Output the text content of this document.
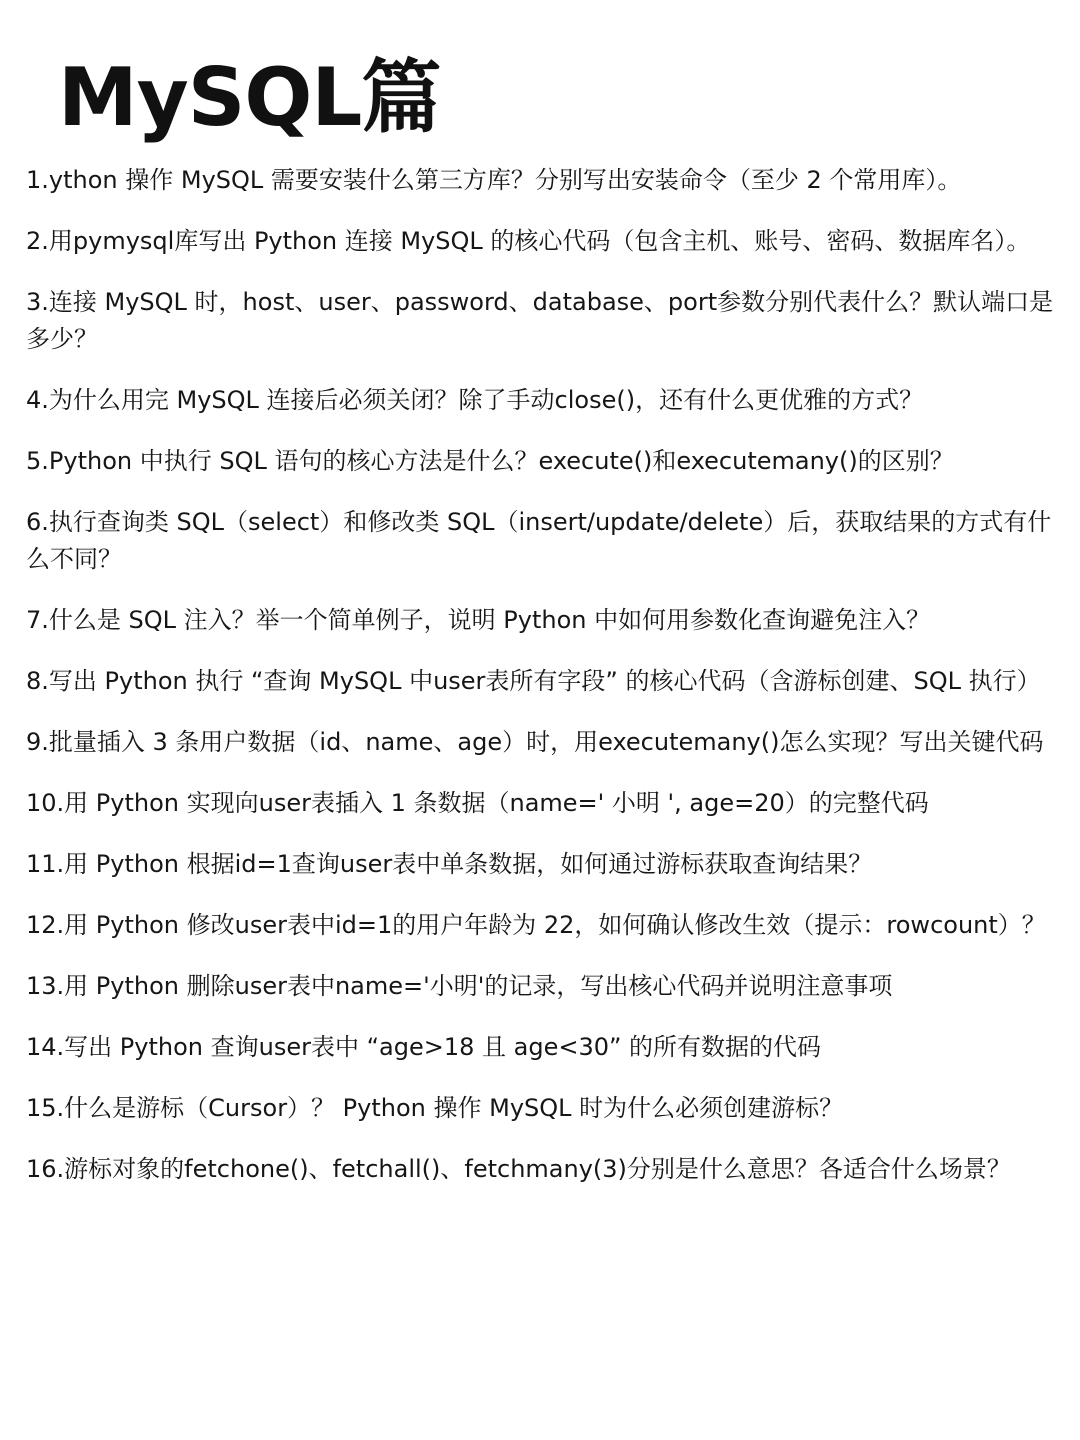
MySQL篇
1.ython 操作 MySQL 需要安装什么第三方库？分别写出安装命令（至少 2 个常用库）。
2.用pymysql库写出 Python 连接 MySQL 的核心代码（包含主机、账号、密码、数据库名）。
3.连接 MySQL 时，host、user、password、database、port参数分别代表什么？默认端口是多少？
4.为什么用完 MySQL 连接后必须关闭？除了手动close()，还有什么更优雅的方式？
5.Python 中执行 SQL 语句的核心方法是什么？execute()和executemany()的区别？
6.执行查询类 SQL（select）和修改类 SQL（insert/update/delete）后，获取结果的方式有什么不同？
7.什么是 SQL 注入？举一个简单例子，说明 Python 中如何用参数化查询避免注入？
8.写出 Python 执行 “查询 MySQL 中user表所有字段” 的核心代码（含游标创建、SQL 执行）
9.批量插入 3 条用户数据（id、name、age）时，用executemany()怎么实现？写出关键代码
10.用 Python 实现向user表插入 1 条数据（name=' 小明 ', age=20）的完整代码
11.用 Python 根据id=1查询user表中单条数据，如何通过游标获取查询结果？
12.用 Python 修改user表中id=1的用户年龄为 22，如何确认修改生效（提示：rowcount）？
13.用 Python 删除user表中name='小明'的记录，写出核心代码并说明注意事项
14.写出 Python 查询user表中 “age>18 且 age<30” 的所有数据的代码
15.什么是游标（Cursor）？ Python 操作 MySQL 时为什么必须创建游标？
16.游标对象的fetchone()、fetchall()、fetchmany(3)分别是什么意思？各适合什么场景？
